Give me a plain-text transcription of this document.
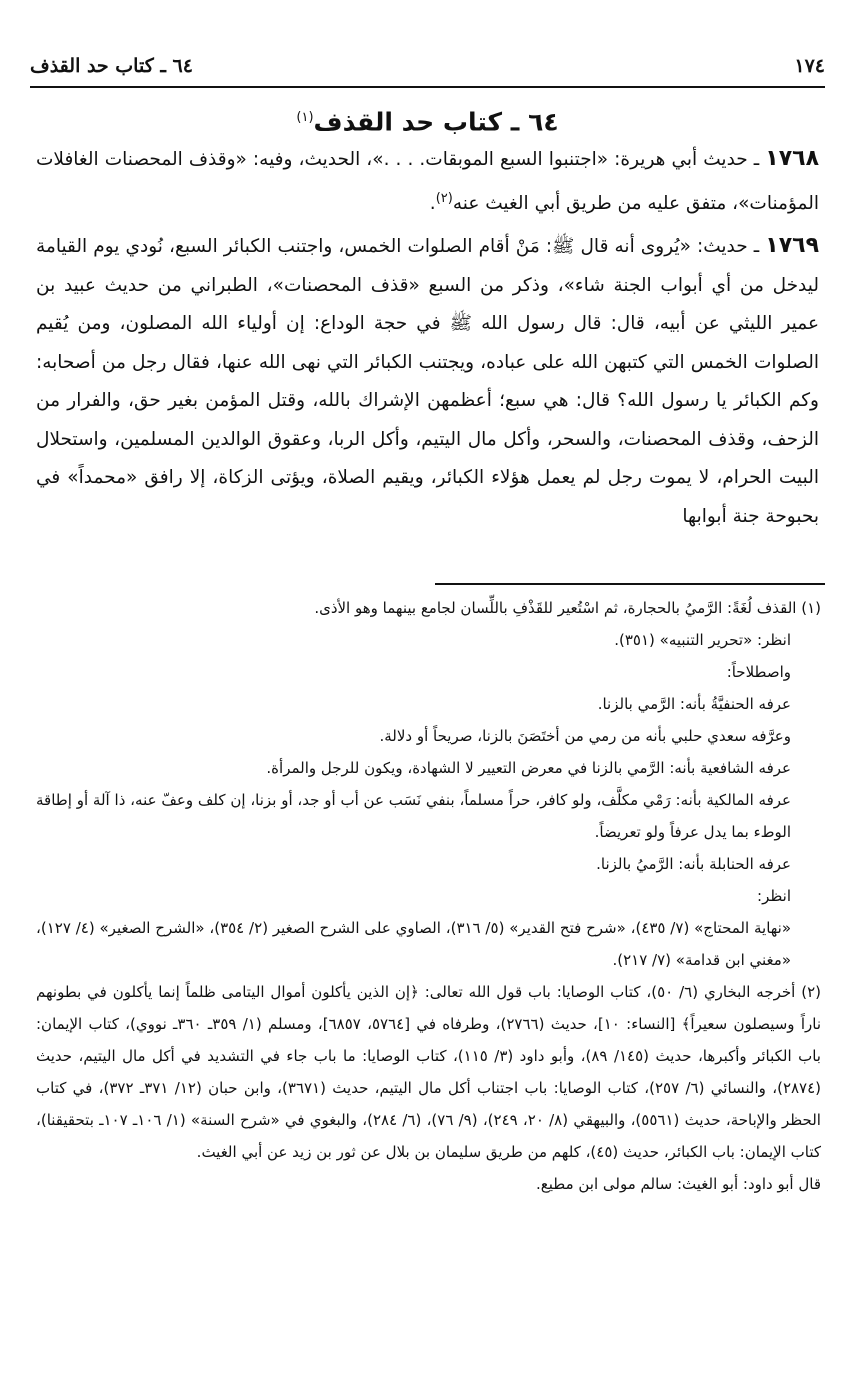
١٧٤
٦٤ ـ كتاب حد القذف
٦٤ ـ كتاب حد القذف$^{(١)}$

١٧٦٨ ـ حديث أبي هريرة: «اجتنبوا السبع الموبقات. . . .»، الحديث، وفيه: «وقذف المحصنات الغافلات المؤمنات»، متفق عليه من طريق أبي الغيث عنه$^{(٢)}$.

١٧٦٩ ـ حديث: «يُروى أنه قال ﷺ: مَنْ أقام الصلوات الخمس، واجتنب الكبائر السبع، نُودي يوم القيامة ليدخل من أي أبواب الجنة شاء»، وذكر من السبع «قذف المحصنات»، الطبراني من حديث عبيد بن عمير الليثي عن أبيه، قال: قال رسول الله ﷺ في حجة الوداع: إن أولياء الله المصلون، ومن يُقيم الصلوات الخمس التي كتبهن الله على عباده، ويجتنب الكبائر التي نهى الله عنها، فقال رجل من أصحابه: وكم الكبائر يا رسول الله؟ قال: هي سبع؛ أعظمهن الإشراك بالله، وقتل المؤمن بغير حق، والفرار من الزحف، وقذف المحصنات، والسحر، وأكل مال اليتيم، وأكل الربا، وعقوق الوالدين المسلمين، واستحلال البيت الحرام، لا يموت رجل لم يعمل هؤلاء الكبائر، ويقيم الصلاة، ويؤتى الزكاة، إلا رافق «محمداً» في بحبوحة جنة أبوابها

(١) القذف لُغَةً: الرَّميُ بالحجارة، ثم اسْتُعير للقَذْفِ باللِّسان لجامع بينهما وهو الأذى.

انظر: «تحرير التنبيه» (٣٥١).

واصطلاحاً:

عرفه الحنفيَّةُ بأنه: الرَّمي بالزنا.

وعرَّفه سعدي حلبي بأنه من رمي من أختَصَنَ بالزنا، صريحاً أو دلالة.

عرفه الشافعية بأنه: الرَّمي بالزنا في معرض التعيير لا الشهادة، ويكون للرجل والمرأة.

عرفه المالكية بأنه: رَمْي مكلَّف، ولو كافر، حراً مسلماً، بنفي نَسَب عن أب أو جد، أو بزنا، إن كلف وعفّ عنه، ذا آلة أو إطاقة الوطء بما يدل عرفاً ولو تعريضاً.

عرفه الحنابلة بأنه: الرَّميُ بالزنا.

انظر:

«نهاية المحتاج» (٧/ ٤٣٥)، «شرح فتح القدير» (٥/ ٣١٦)، الصاوي على الشرح الصغير (٢/ ٣٥٤)، «الشرح الصغير» (٤/ ١٢٧)، «مغني ابن قدامة» (٧/ ٢١٧).

(٢) أخرجه البخاري (٦/ ٥٠)، كتاب الوصايا: باب قول الله تعالى: ﴿إن الذين يأكلون أموال اليتامى ظلماً إنما يأكلون في بطونهم ناراً وسيصلون سعيراً﴾ [النساء: ١٠]، حديث (٢٧٦٦)، وطرفاه في [٥٧٦٤، ٦٨٥٧]، ومسلم (١/ ٣٥٩ـ ٣٦٠ـ نووي)، كتاب الإيمان: باب الكبائر وأكبرها، حديث (١٤٥/ ٨٩)، وأبو داود (٣/ ١١٥)، كتاب الوصايا: ما باب جاء في التشديد في أكل مال اليتيم، حديث (٢٨٧٤)، والنسائي (٦/ ٢٥٧)، كتاب الوصايا: باب اجتناب أكل مال اليتيم، حديث (٣٦٧١)، وابن حبان (١٢/ ٣٧١ـ ٣٧٢)، في كتاب الحظر والإباحة، حديث (٥٥٦١)، والبيهقي (٨/ ٢٠، ٢٤٩)، (٩/ ٧٦)، (٦/ ٢٨٤)، والبغوي في «شرح السنة» (١/ ١٠٦ـ ١٠٧ـ بتحقيقنا)، كتاب الإيمان: باب الكبائر، حديث (٤٥)، كلهم من طريق سليمان بن بلال عن ثور بن زيد عن أبي الغيث.

قال أبو داود: أبو الغيث: سالم مولى ابن مطيع.
